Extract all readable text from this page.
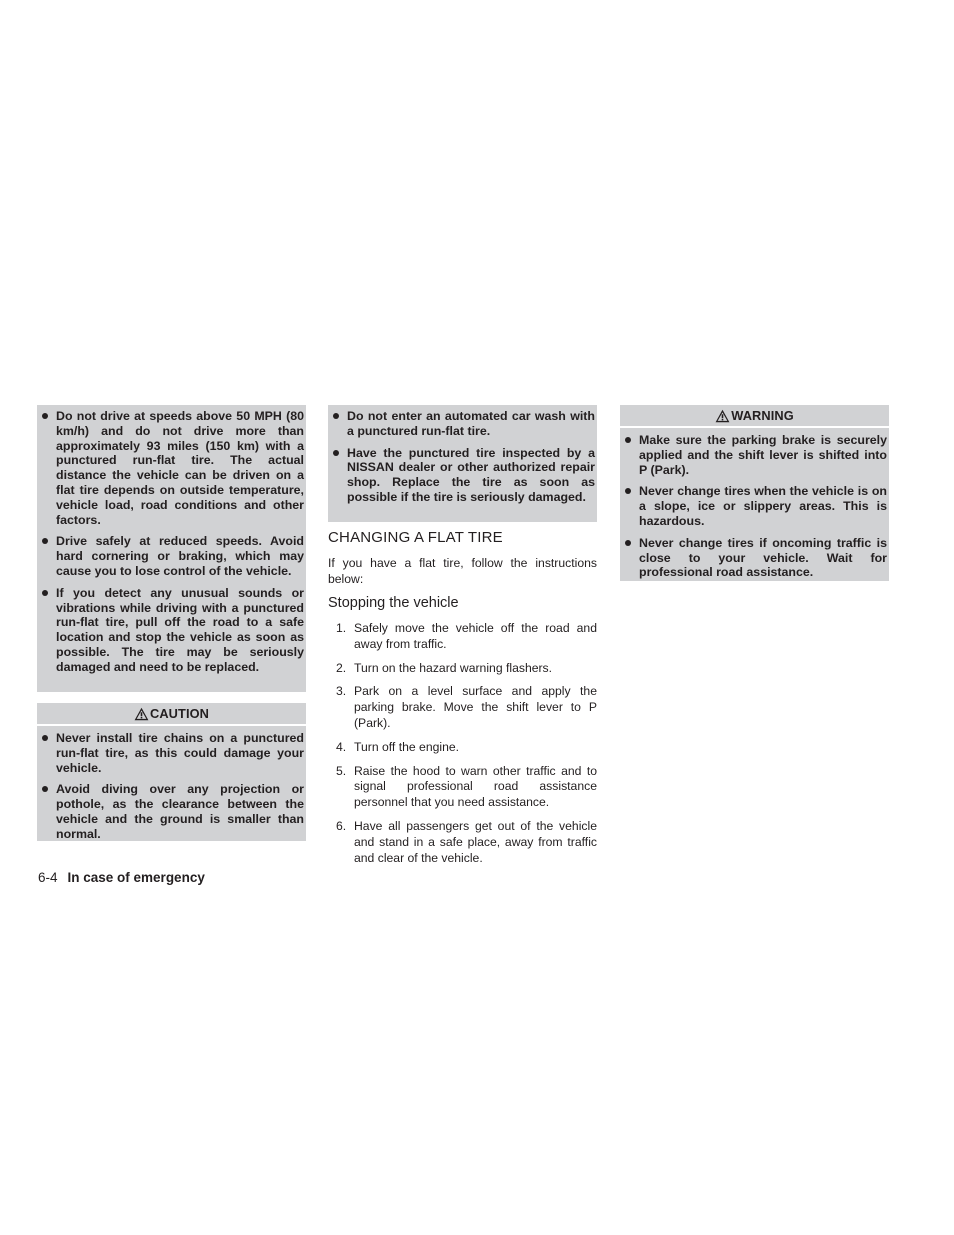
Do not drive at speeds above 50 MPH (80 km/h) and do not drive more than approximately 93 miles (150 km) with a punctured run-flat tire. The actual distance the vehicle can be driven on a flat tire depends on outside temperature, vehicle load, road conditions and other factors.
Drive safely at reduced speeds. Avoid hard cornering or braking, which may cause you to lose control of the vehicle.
If you detect any unusual sounds or vibrations while driving with a punctured run-flat tire, pull off the road to a safe location and stop the vehicle as soon as possible. The tire may be seriously damaged and need to be replaced.
CAUTION
Never install tire chains on a punctured run-flat tire, as this could damage your vehicle.
Avoid diving over any projection or pothole, as the clearance between the vehicle and the ground is smaller than normal.
Do not enter an automated car wash with a punctured run-flat tire.
Have the punctured tire inspected by a NISSAN dealer or other authorized repair shop. Replace the tire as soon as possible if the tire is seriously damaged.
CHANGING A FLAT TIRE

If you have a flat tire, follow the instructions below:

Stopping the vehicle
1. Safely move the vehicle off the road and away from traffic.
2. Turn on the hazard warning flashers.
3. Park on a level surface and apply the parking brake. Move the shift lever to P (Park).
4. Turn off the engine.
5. Raise the hood to warn other traffic and to signal professional road assistance personnel that you need assistance.
6. Have all passengers get out of the vehicle and stand in a safe place, away from traffic and clear of the vehicle.
WARNING
Make sure the parking brake is securely applied and the shift lever is shifted into P (Park).
Never change tires when the vehicle is on a slope, ice or slippery areas. This is hazardous.
Never change tires if oncoming traffic is close to your vehicle. Wait for professional road assistance.
6-4 In case of emergency
